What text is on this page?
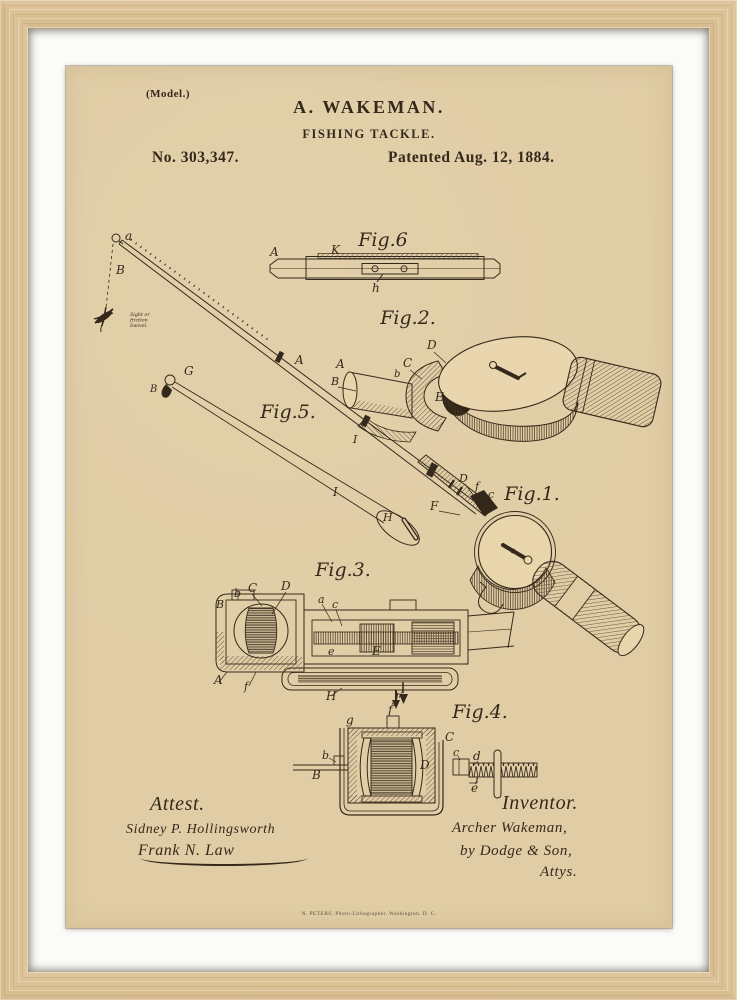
(Model.)
A. WAKEMAN.
FISHING TACKLE.
No. 303,347.	Patented Aug. 12, 1884.
Fig.6
A	K
h
Sight or friction Swivel.
Fig.1.
a
B
A
I
D
f
c
F
Fig.2.
D
C
b
B
A
E
Fig.5.
B
G
I
H
Fig.3.
b C D
B	a c
e	E
A f
H	J
Fig.4.
g
f
C
b
B
D
c d
e
Attest.
Sidney P. Hollingsworth
Frank N. Law
Inventor.
Archer Wakeman,
by Dodge & Son,
Attys.
N. PETERS. Photo-Lithographer. Washington. D. C.
